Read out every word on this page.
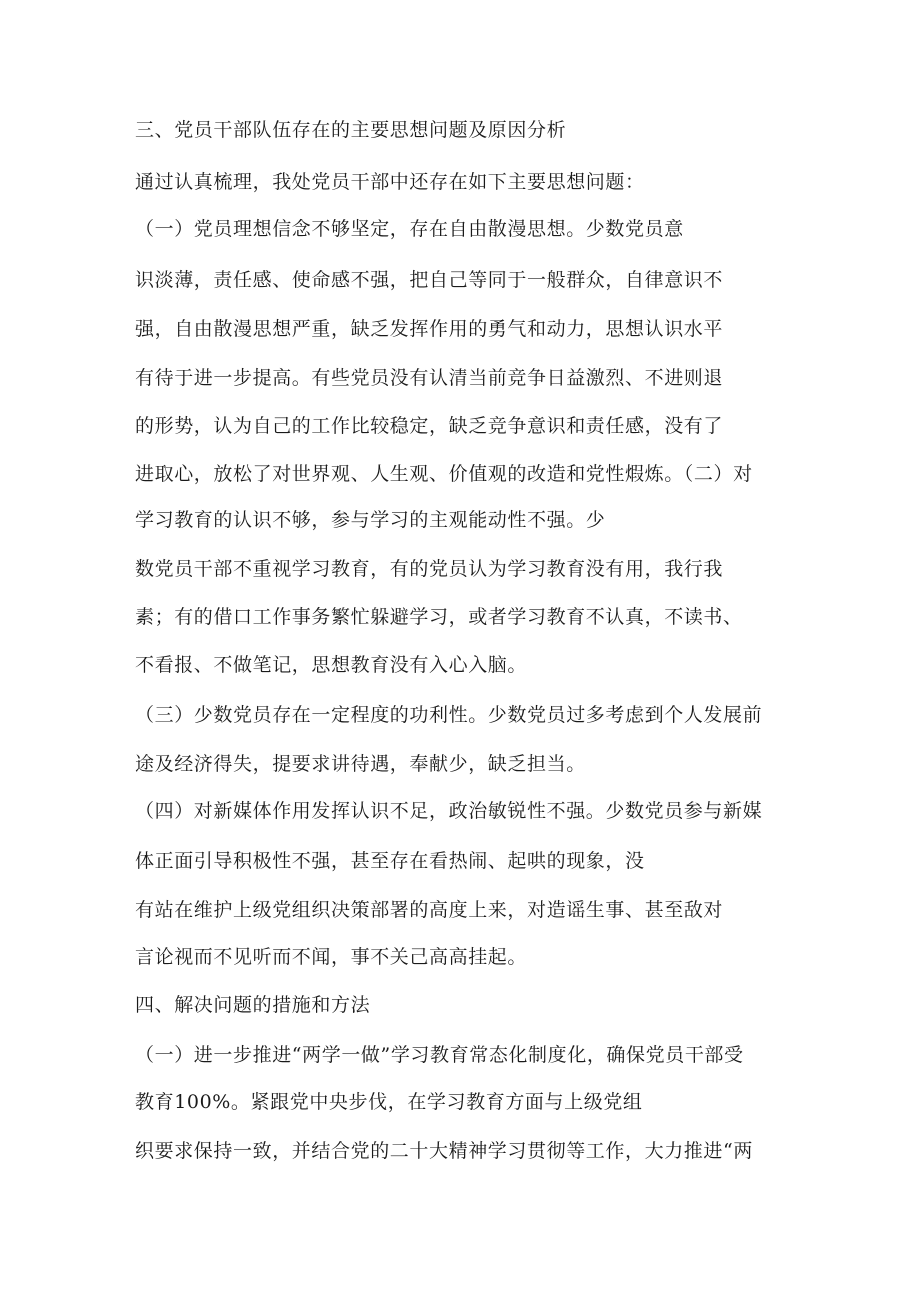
三、党员干部队伍存在的主要思想问题及原因分析
通过认真梳理，我处党员干部中还存在如下主要思想问题：
（一）党员理想信念不够坚定，存在自由散漫思想。少数党员意
识淡薄，责任感、使命感不强，把自己等同于一般群众，自律意识不
强，自由散漫思想严重，缺乏发挥作用的勇气和动力，思想认识水平
有待于进一步提高。有些党员没有认清当前竞争日益激烈、不进则退
的形势，认为自己的工作比较稳定，缺乏竞争意识和责任感，没有了
进取心，放松了对世界观、人生观、价值观的改造和党性煆炼。（二）对
学习教育的认识不够，参与学习的主观能动性不强。少
数党员干部不重视学习教育，有的党员认为学习教育没有用，我行我
素；有的借口工作事务繁忙躲避学习，或者学习教育不认真，不读书、
不看报、不做笔记，思想教育没有入心入脑。
（三）少数党员存在一定程度的功利性。少数党员过多考虑到个人发展前
途及经济得失，提要求讲待遇，奉献少，缺乏担当。
（四）对新媒体作用发挥认识不足，政治敏锐性不强。少数党员参与新媒
体正面引导积极性不强，甚至存在看热闹、起哄的现象，没
有站在维护上级党组织决策部署的高度上来，对造谣生事、甚至敌对
言论视而不见听而不闻，事不关己高高挂起。
四、解决问题的措施和方法
（一）进一步推进“两学一做”学习教育常态化制度化，确保党员干部受
教育100%。紧跟党中央步伐，在学习教育方面与上级党组
织要求保持一致，并结合党的二十大精神学习贯彻等工作，大力推进“两
